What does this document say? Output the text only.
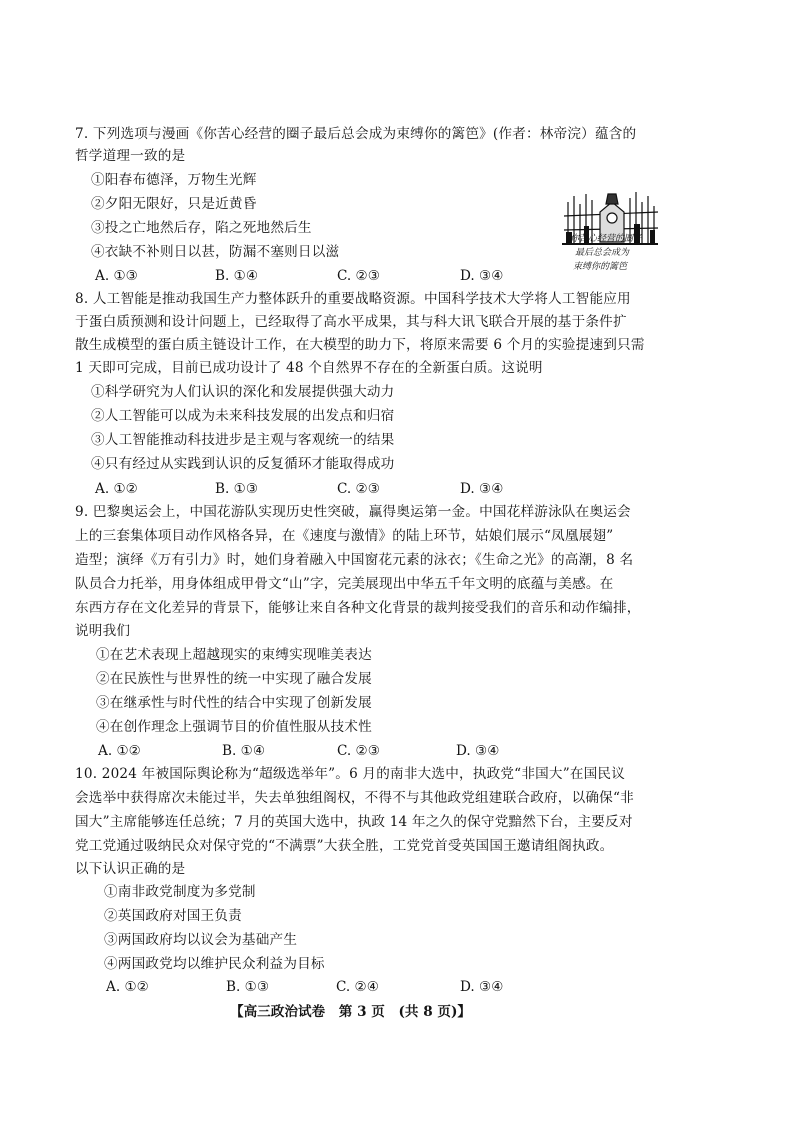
7. 下列选项与漫画《你苦心经营的圈子最后总会成为束缚你的篱笆》(作者：林帝浣）蕴含的
哲学道理一致的是
①阳春布德泽，万物生光辉
②夕阳无限好，只是近黄昏
③投之亡地然后存，陷之死地然后生
④衣缺不补则日以甚，防漏不塞则日以滋
A. ①③	B. ①④	C. ②③	D. ③④
你苦心经营的圈子
最后总会成为
束缚你的篱笆
8. 人工智能是推动我国生产力整体跃升的重要战略资源。中国科学技术大学将人工智能应用
于蛋白质预测和设计问题上，已经取得了高水平成果，其与科大讯飞联合开展的基于条件扩
散生成模型的蛋白质主链设计工作，在大模型的助力下，将原来需要 6 个月的实验提速到只需
1 天即可完成，目前已成功设计了 48 个自然界不存在的全新蛋白质。这说明
①科学研究为人们认识的深化和发展提供强大动力
②人工智能可以成为未来科技发展的出发点和归宿
③人工智能推动科技进步是主观与客观统一的结果
④只有经过从实践到认识的反复循环才能取得成功
A. ①②	B. ①③	C. ②③	D. ③④
9. 巴黎奥运会上，中国花游队实现历史性突破，赢得奥运第一金。中国花样游泳队在奥运会
上的三套集体项目动作风格各异，在《速度与激情》的陆上环节，姑娘们展示“凤凰展翅”
造型；演绎《万有引力》时，她们身着融入中国窗花元素的泳衣；《生命之光》的高潮，8 名
队员合力托举，用身体组成甲骨文“山”字，完美展现出中华五千年文明的底蕴与美感。在
东西方存在文化差异的背景下，能够让来自各种文化背景的裁判接受我们的音乐和动作编排，
说明我们
①在艺术表现上超越现实的束缚实现唯美表达
②在民族性与世界性的统一中实现了融合发展
③在继承性与时代性的结合中实现了创新发展
④在创作理念上强调节目的价值性服从技术性
A. ①②	B. ①④	C. ②③	D. ③④
10. 2024 年被国际舆论称为“超级选举年”。6 月的南非大选中，执政党“非国大”在国民议
会选举中获得席次未能过半，失去单独组阁权，不得不与其他政党组建联合政府，以确保“非
国大”主席能够连任总统；7 月的英国大选中，执政 14 年之久的保守党黯然下台，主要反对
党工党通过吸纳民众对保守党的“不满票”大获全胜，工党党首受英国国王邀请组阁执政。
以下认识正确的是
①南非政党制度为多党制
②英国政府对国王负责
③两国政府均以议会为基础产生
④两国政党均以维护民众利益为目标
A. ①②	B. ①③	C. ②④	D. ③④
【高三政治试卷　第 3 页　(共 8 页)】
